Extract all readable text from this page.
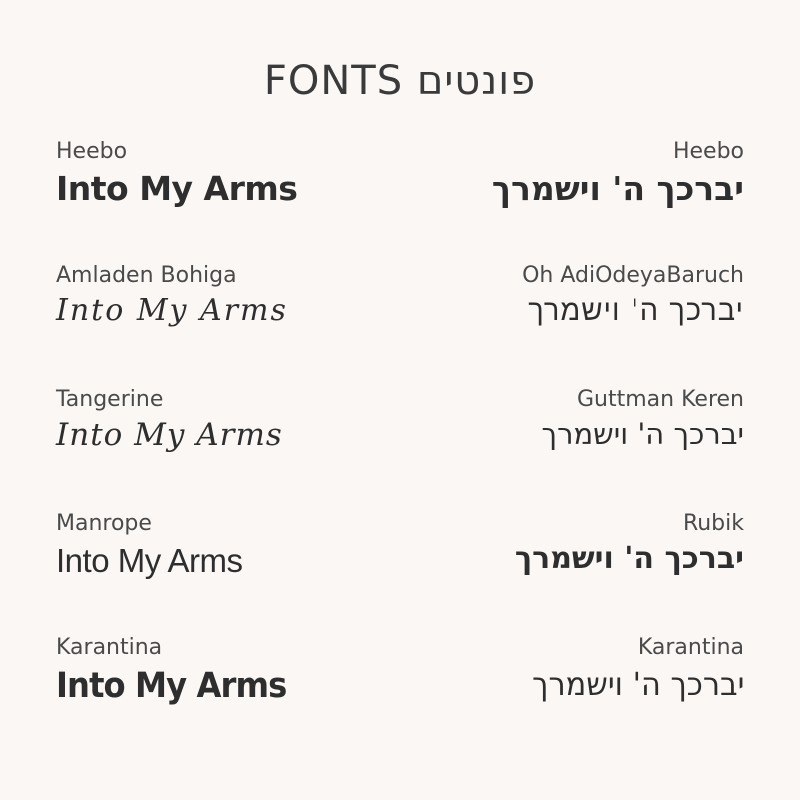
FONTS פונטים
Heebo
Into My Arms
Heebo
יברכך ה' וישמרך
Amladen Bohiga
Into My Arms
Oh AdiOdeyaBaruch
יברכך ה' וישמרך
Tangerine
Into My Arms
Guttman Keren
יברכך ה' וישמרך
Manrope
Into My Arms
Rubik
יברכך ה' וישמרך
Karantina
Into My Arms
Karantina
יברכך ה' וישמרך
